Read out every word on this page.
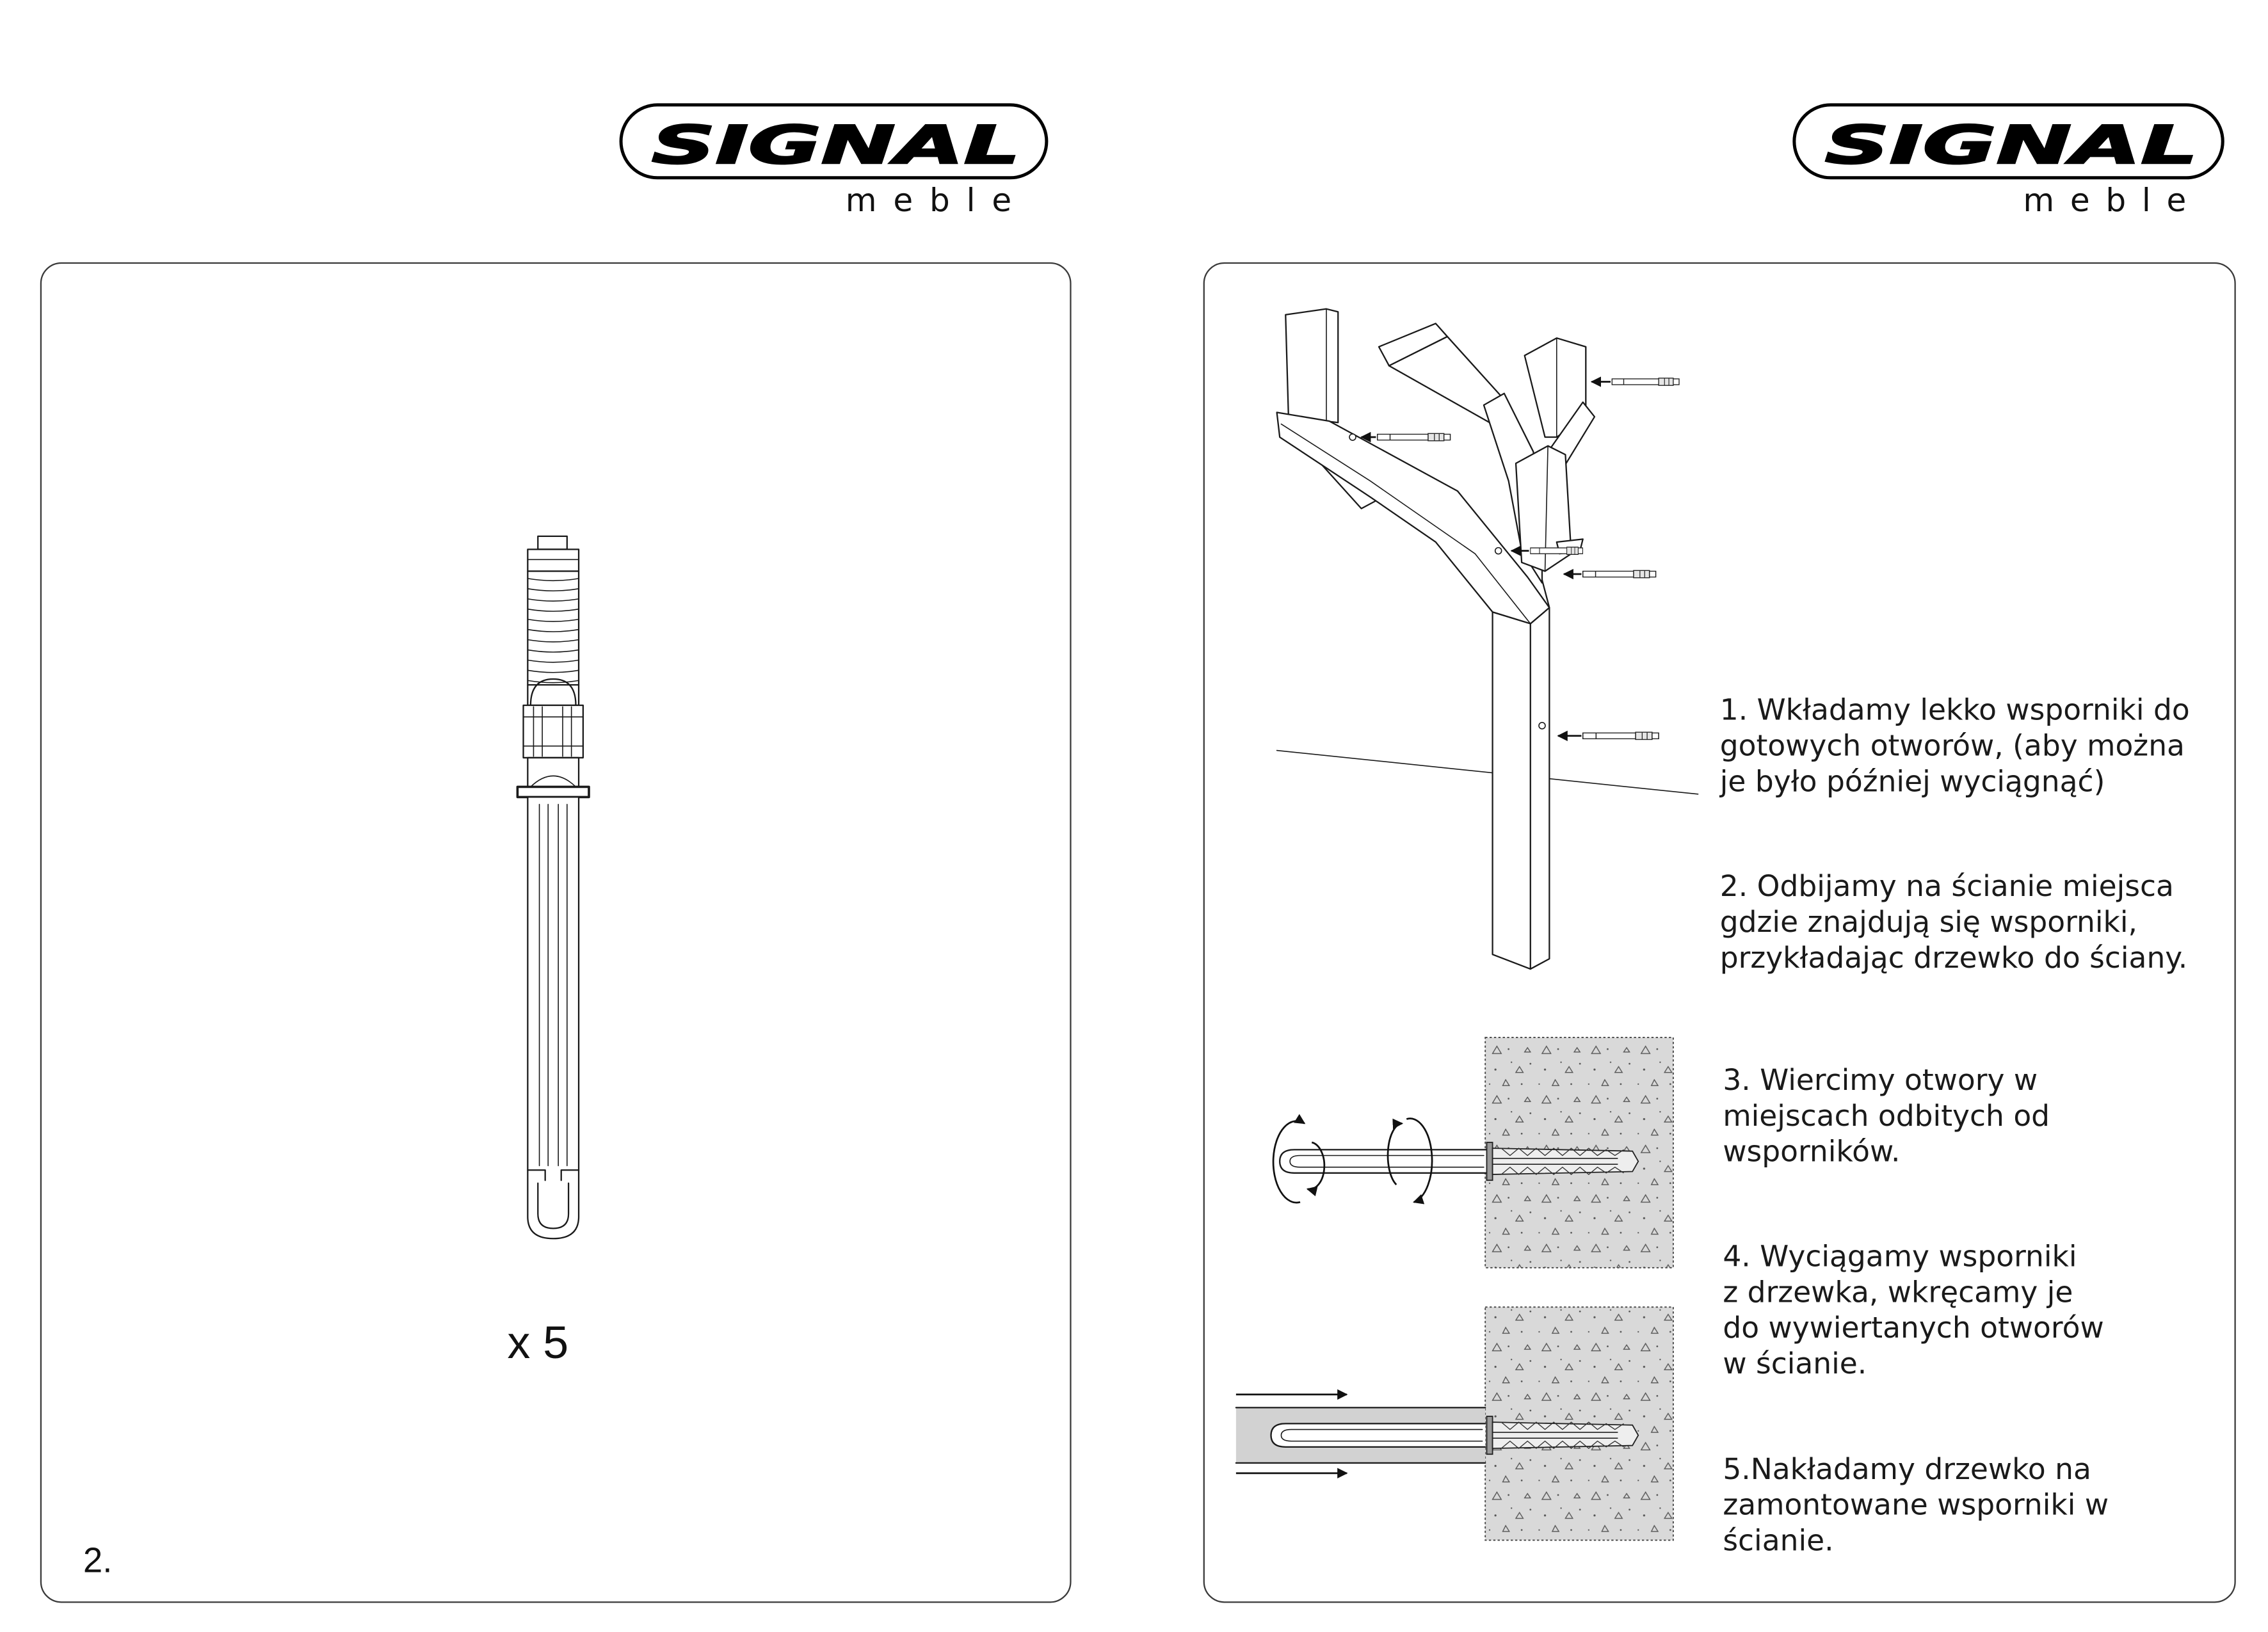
SIGNAL
meble
SIGNAL
meble
x 5
2.
1. Wkładamy lekko wsporniki do
gotowych otworów, (aby można
je było później wyciągnąć)
2. Odbijamy na ścianie miejsca
gdzie znajdują się wsporniki,
przykładając drzewko do ściany.
3. Wiercimy otwory w
miejscach odbitych od
wsporników.
4. Wyciągamy wsporniki
z drzewka, wkręcamy je
do wywiertanych otworów
w ścianie.
5.Nakładamy drzewko na
zamontowane wsporniki w
ścianie.
